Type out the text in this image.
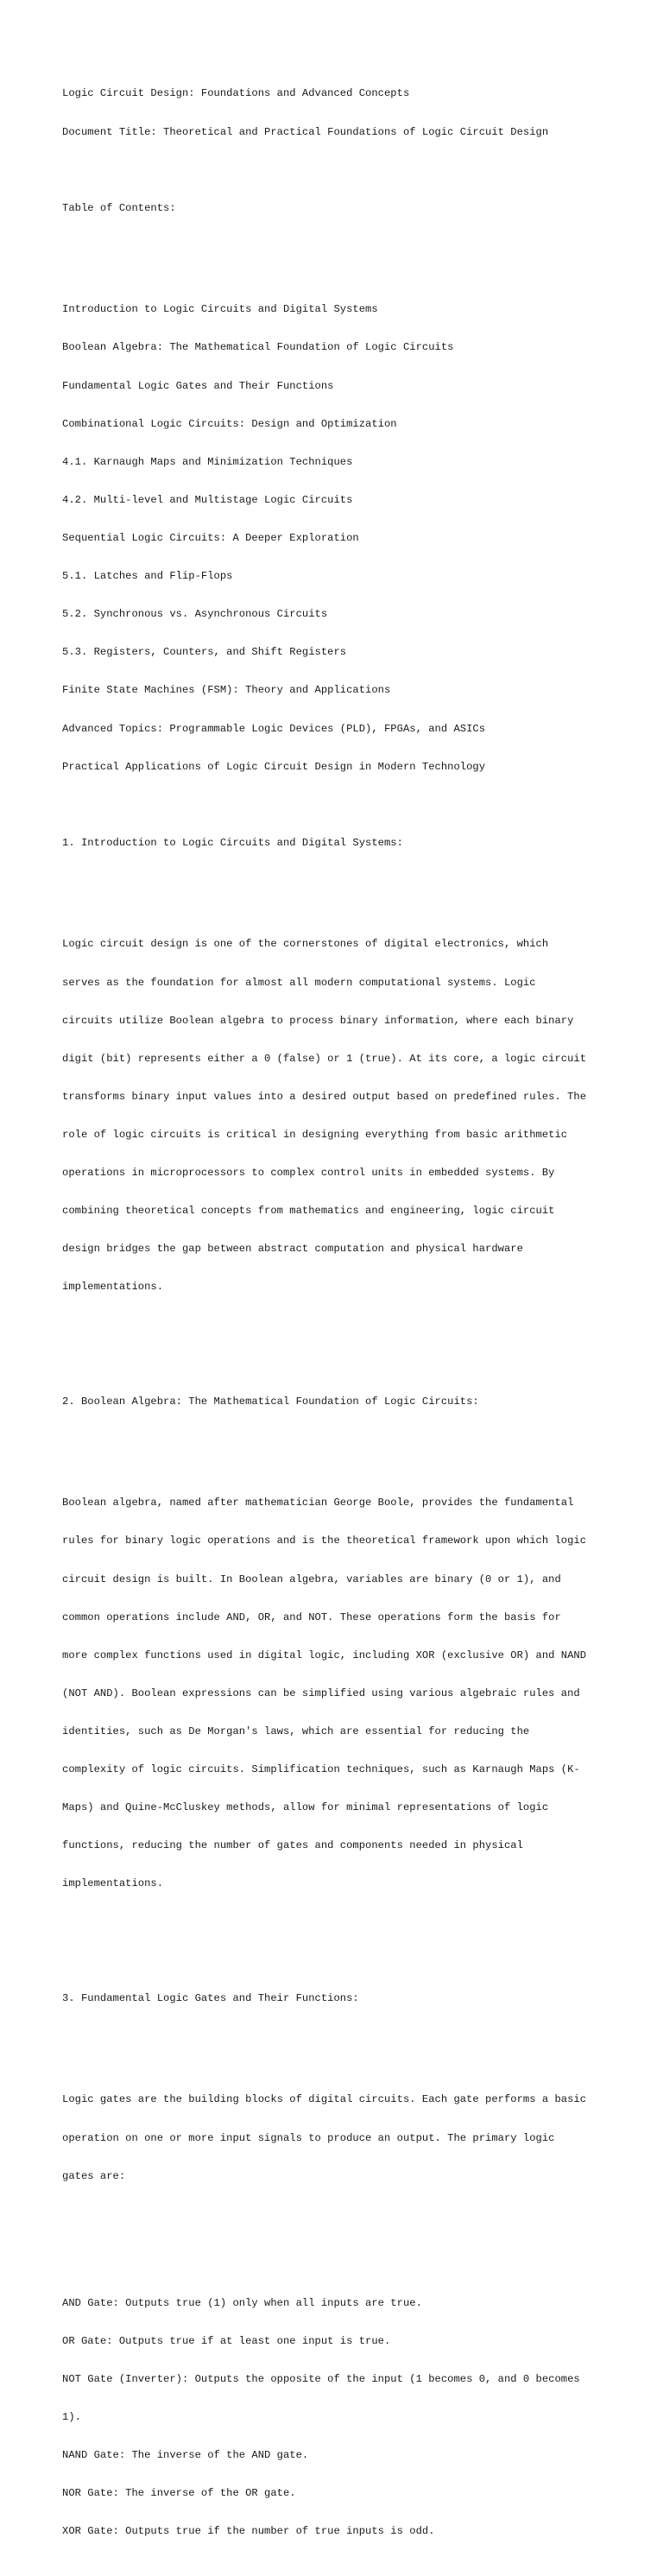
Logic Circuit Design: Foundations and Advanced Concepts

Document Title: Theoretical and Practical Foundations of Logic Circuit Design

Table of Contents:

Introduction to Logic Circuits and Digital Systems

Boolean Algebra: The Mathematical Foundation of Logic Circuits

Fundamental Logic Gates and Their Functions

Combinational Logic Circuits: Design and Optimization

4.1. Karnaugh Maps and Minimization Techniques

4.2. Multi-level and Multistage Logic Circuits

Sequential Logic Circuits: A Deeper Exploration

5.1. Latches and Flip-Flops

5.2. Synchronous vs. Asynchronous Circuits

5.3. Registers, Counters, and Shift Registers

Finite State Machines (FSM): Theory and Applications

Advanced Topics: Programmable Logic Devices (PLD), FPGAs, and ASICs

Practical Applications of Logic Circuit Design in Modern Technology

1. Introduction to Logic Circuits and Digital Systems:

Logic circuit design is one of the cornerstones of digital electronics, which

serves as the foundation for almost all modern computational systems. Logic

circuits utilize Boolean algebra to process binary information, where each binary

digit (bit) represents either a 0 (false) or 1 (true). At its core, a logic circuit

transforms binary input values into a desired output based on predefined rules. The

role of logic circuits is critical in designing everything from basic arithmetic

operations in microprocessors to complex control units in embedded systems. By

combining theoretical concepts from mathematics and engineering, logic circuit

design bridges the gap between abstract computation and physical hardware

implementations.

2. Boolean Algebra: The Mathematical Foundation of Logic Circuits:

Boolean algebra, named after mathematician George Boole, provides the fundamental

rules for binary logic operations and is the theoretical framework upon which logic

circuit design is built. In Boolean algebra, variables are binary (0 or 1), and

common operations include AND, OR, and NOT. These operations form the basis for

more complex functions used in digital logic, including XOR (exclusive OR) and NAND

(NOT AND). Boolean expressions can be simplified using various algebraic rules and

identities, such as De Morgan's laws, which are essential for reducing the

complexity of logic circuits. Simplification techniques, such as Karnaugh Maps (K-

Maps) and Quine-McCluskey methods, allow for minimal representations of logic

functions, reducing the number of gates and components needed in physical

implementations.

3. Fundamental Logic Gates and Their Functions:

Logic gates are the building blocks of digital circuits. Each gate performs a basic

operation on one or more input signals to produce an output. The primary logic

gates are:

AND Gate: Outputs true (1) only when all inputs are true.

OR Gate: Outputs true if at least one input is true.

NOT Gate (Inverter): Outputs the opposite of the input (1 becomes 0, and 0 becomes

1).

NAND Gate: The inverse of the AND gate.

NOR Gate: The inverse of the OR gate.

XOR Gate: Outputs true if the number of true inputs is odd.
